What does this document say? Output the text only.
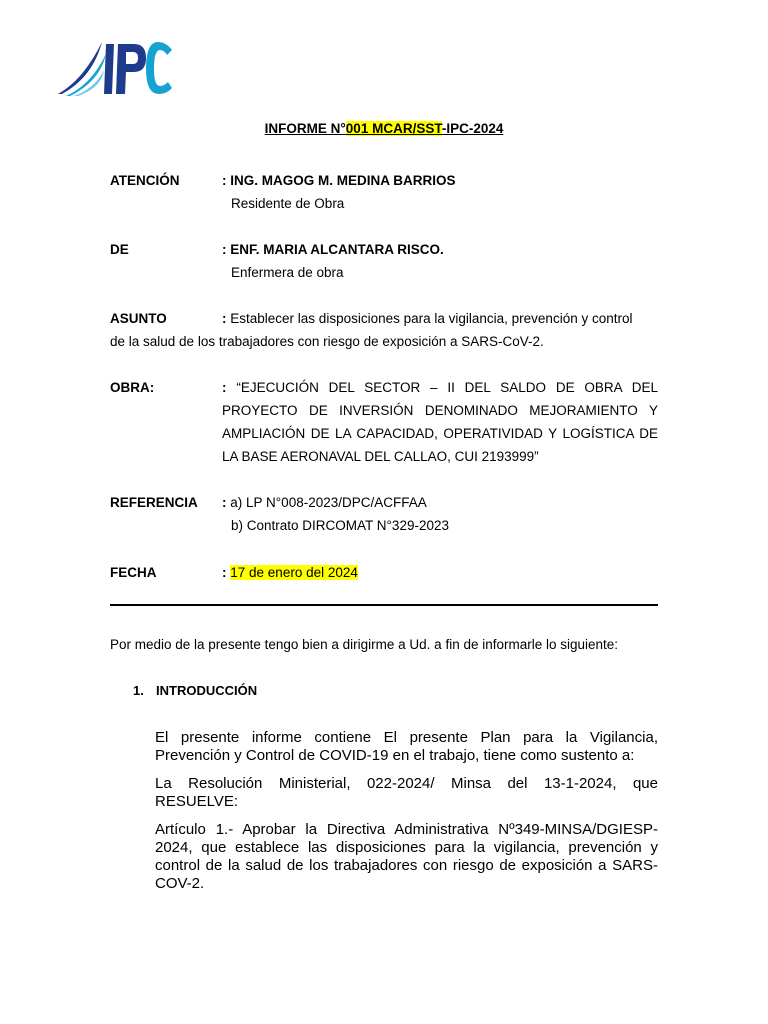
INFORME N°001 MCAR/SST-IPC-2024
ATENCIÓN	: ING. MAGOG M. MEDINA BARRIOS
Residente de Obra
DE	: ENF. MARIA ALCANTARA RISCO.
Enfermera de obra
ASUNTO	: Establecer las disposiciones para la vigilancia, prevención y control
de la salud de los trabajadores con riesgo de exposición a SARS-CoV-2.
OBRA:	: “EJECUCIÓN DEL SECTOR – II DEL SALDO DE OBRA DEL PROYECTO DE INVERSIÓN DENOMINADO MEJORAMIENTO Y AMPLIACIÓN DE LA CAPACIDAD, OPERATIVIDAD Y LOGÍSTICA DE LA BASE AERONAVAL DEL CALLAO, CUI 2193999”
REFERENCIA : a) LP N°008-2023/DPC/ACFFAA
b) Contrato DIRCOMAT N°329-2023
FECHA	: 17 de enero del 2024
Por medio de la presente tengo bien a dirigirme a Ud. a fin de informarle lo siguiente:
1. INTRODUCCIÓN
El presente informe contiene El presente Plan para la Vigilancia, Prevención y Control de COVID-19 en el trabajo, tiene como sustento a:
La Resolución Ministerial, 022-2024/ Minsa del 13-1-2024, que RESUELVE:
Artículo 1.- Aprobar la Directiva Administrativa Nº349-MINSA/DGIESP-2024, que establece las disposiciones para la vigilancia, prevención y control de la salud de los trabajadores con riesgo de exposición a SARS-COV-2.
